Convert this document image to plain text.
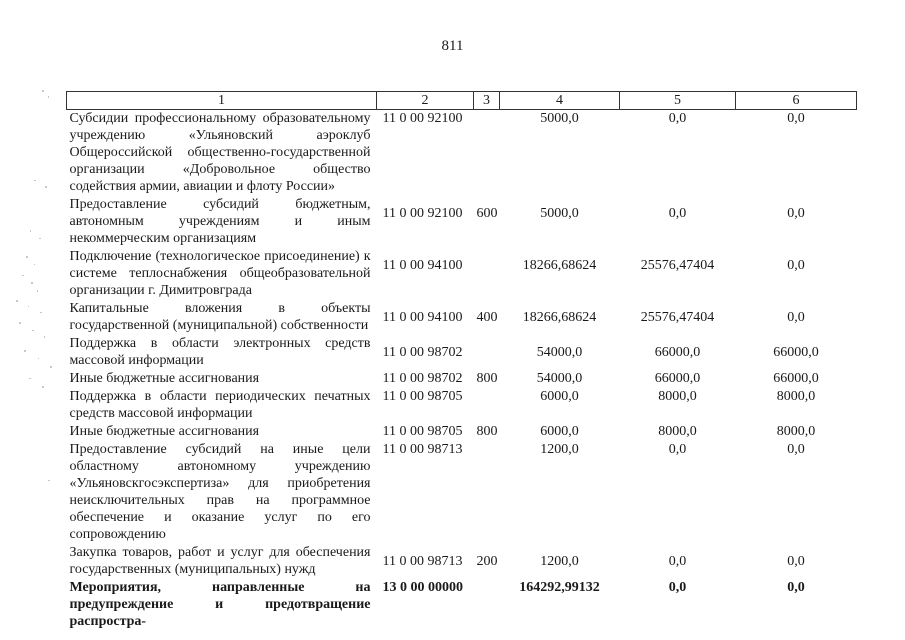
811
1	2	3	4	5	6
Субсидии профессиональному образовательному учреждению «Ульяновский аэроклуб Общероссийской общественно-государственной организации «Добровольное общество содействия армии, авиации и флоту России»	11 0 00 92100		5000,0	0,0	0,0
Предоставление субсидий бюджетным, автономным учреждениям и иным некоммерческим организациям	11 0 00 92100	600	5000,0	0,0	0,0
Подключение (технологическое присоединение) к системе теплоснабжения общеобразовательной организации г. Димитровграда	11 0 00 94100		18266,68624	25576,47404	0,0
Капитальные вложения в объекты государственной (муниципальной) собственности	11 0 00 94100	400	18266,68624	25576,47404	0,0
Поддержка в области электронных средств массовой информации	11 0 00 98702		54000,0	66000,0	66000,0
Иные бюджетные ассигнования	11 0 00 98702	800	54000,0	66000,0	66000,0
Поддержка в области периодических печатных средств массовой информации	11 0 00 98705		6000,0	8000,0	8000,0
Иные бюджетные ассигнования	11 0 00 98705	800	6000,0	8000,0	8000,0
Предоставление субсидий на иные цели областному автономному учреждению «Ульяновскгосэкспертиза» для приобретения неисключительных прав на программное обеспечение и оказание услуг по его сопровождению	11 0 00 98713		1200,0	0,0	0,0
Закупка товаров, работ и услуг для обеспечения государственных (муниципальных) нужд	11 0 00 98713	200	1200,0	0,0	0,0
Мероприятия, направленные на предупреждение и предотвращение распростра-	13 0 00 00000		164292,99132	0,0	0,0
